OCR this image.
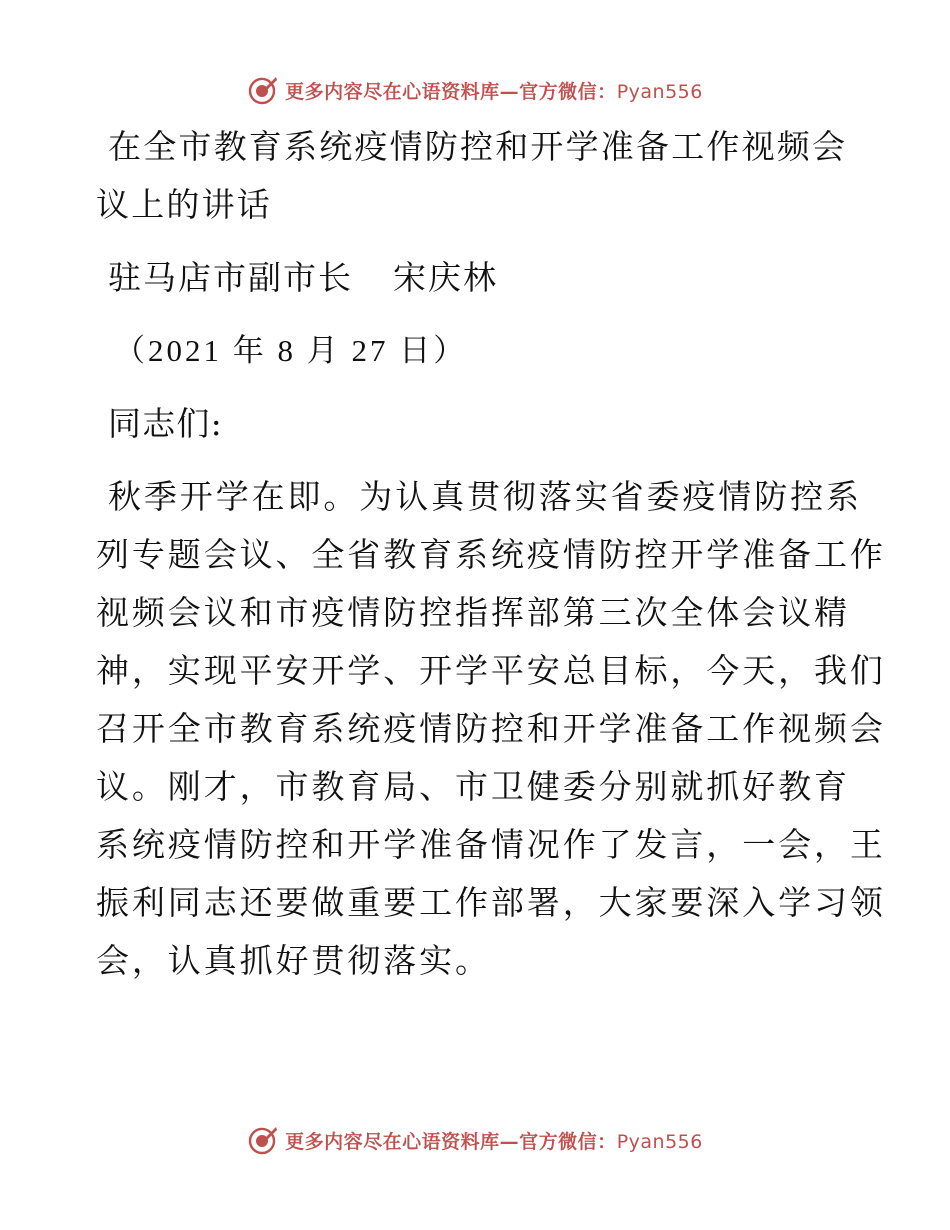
更多内容尽在心语资料库—官方微信：Pyan556
在全市教育系统疫情防控和开学准备工作视频会
议上的讲话
驻马店市副市长 宋庆林
（2021 年 8 月 27 日）
同志们:
秋季开学在即。为认真贯彻落实省委疫情防控系
列专题会议、全省教育系统疫情防控开学准备工作
视频会议和市疫情防控指挥部第三次全体会议精
神，实现平安开学、开学平安总目标，今天，我们
召开全市教育系统疫情防控和开学准备工作视频会
议。刚才，市教育局、市卫健委分别就抓好教育
系统疫情防控和开学准备情况作了发言，一会，王
振利同志还要做重要工作部署，大家要深入学习领
会，认真抓好贯彻落实。
更多内容尽在心语资料库—官方微信：Pyan556
